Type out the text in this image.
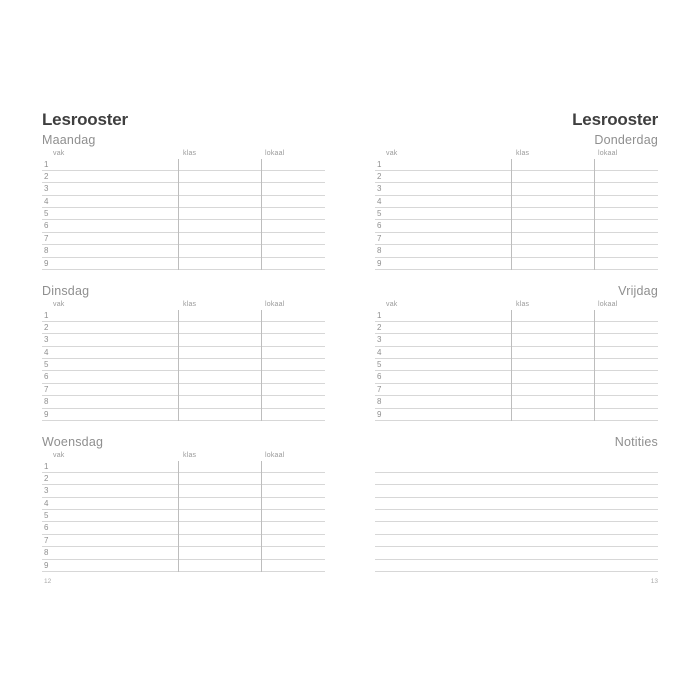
Lesrooster
Maandag
vak	klas	lokaal
1
2
3
4
5
6
7
8
9
Dinsdag
vak	klas	lokaal
1
2
3
4
5
6
7
8
9
Woensdag
vak	klas	lokaal
1
2
3
4
5
6
7
8
9
Lesrooster
Donderdag
vak	klas	lokaal
1
2
3
4
5
6
7
8
9
Vrijdag
vak	klas	lokaal
1
2
3
4
5
6
7
8
9
Notities
12	13
